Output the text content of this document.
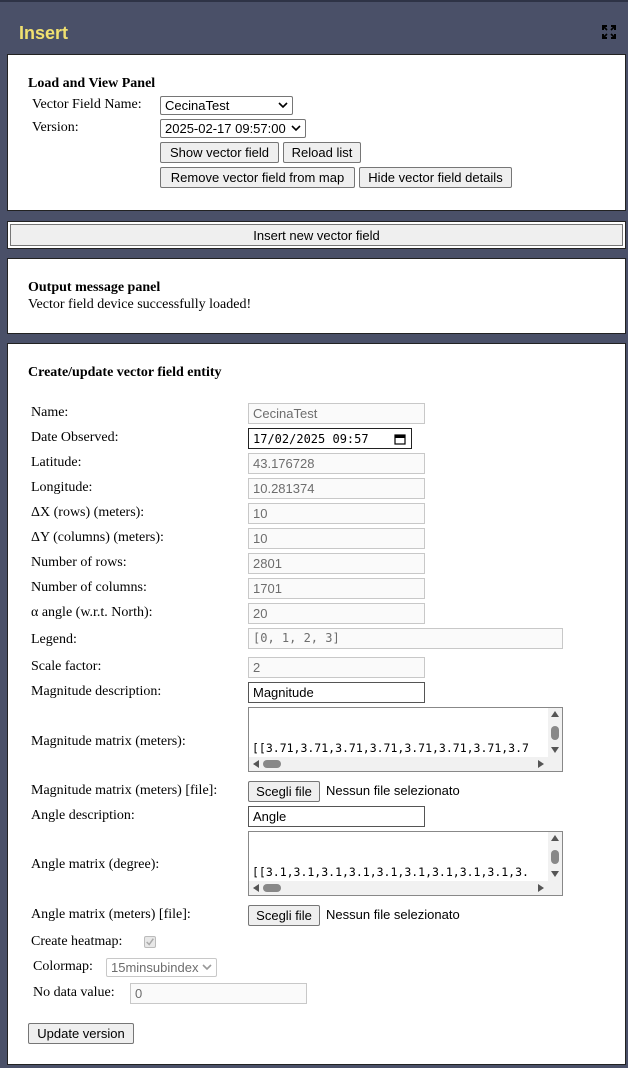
Insert
Load and View Panel
Vector Field Name: CecinaTest
Version:	2025-02-17 09:57:00
Show vector field	Reload list
Remove vector field from map	Hide vector field details
Insert new vector field
Output message panel
Vector field device successfully loaded!
Create/update vector field entity
Name:	CecinaTest
Date Observed:	17/02/2025 09:57
Latitude:	43.176728
Longitude:	10.281374
ΔX (rows) (meters):	10
ΔY (columns) (meters):	10
Number of rows:	2801
Number of columns:	1701
α angle (w.r.t. North):	20
Legend:	[0, 1, 2, 3]
Scale factor:	2
Magnitude description:	Magnitude
Magnitude matrix (meters):

	[[3.71,3.71,3.71,3.71,3.71,3.71,3.71,3.7

Magnitude matrix (meters) [file]:	Scegli file	Nessun file selezionato
Angle description:	Angle
Angle matrix (degree):

	[[3.1,3.1,3.1,3.1,3.1,3.1,3.1,3.1,3.1,3.

Angle matrix (meters) [file]:	Scegli file	Nessun file selezionato
Create heatmap:
Colormap: 15minsubindex
No data value:	0
Update version
